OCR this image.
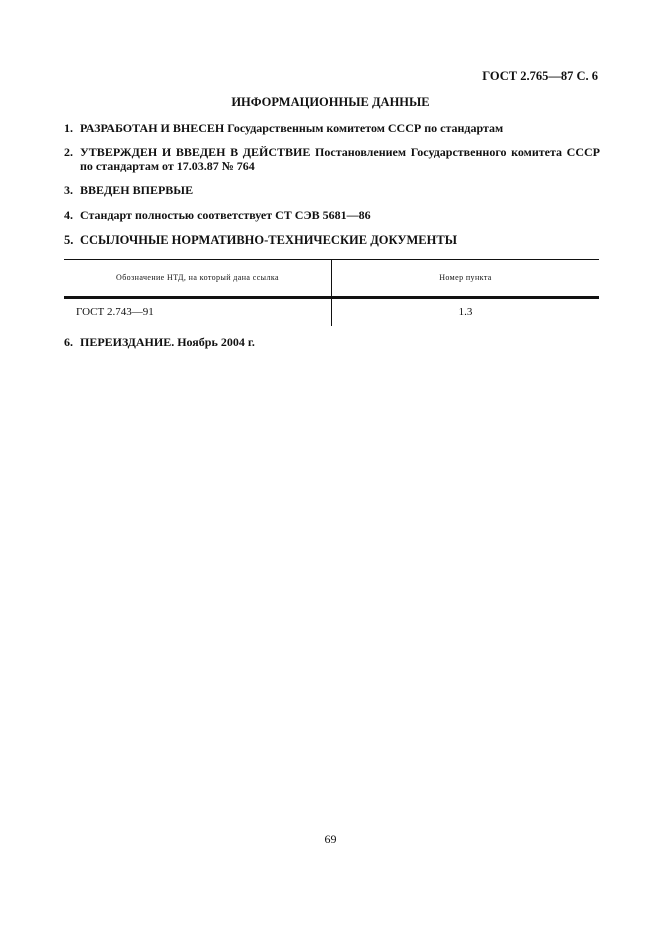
ГОСТ 2.765—87 С. 6
ИНФОРМАЦИОННЫЕ ДАННЫЕ
1. РАЗРАБОТАН И ВНЕСЕН Государственным комитетом СССР по стандартам
2. УТВЕРЖДЕН И ВВЕДЕН В ДЕЙСТВИЕ Постановлением Государственного комитета СССР по стандартам от 17.03.87 № 764
3. ВВЕДЕН ВПЕРВЫЕ
4. Стандарт полностью соответствует СТ СЭВ 5681—86
5. ССЫЛОЧНЫЕ НОРМАТИВНО-ТЕХНИЧЕСКИЕ ДОКУМЕНТЫ
Обозначение НТД, на который дана ссылка	Номер пункта
ГОСТ 2.743—91	1.3
6. ПЕРЕИЗДАНИЕ. Ноябрь 2004 г.
69
